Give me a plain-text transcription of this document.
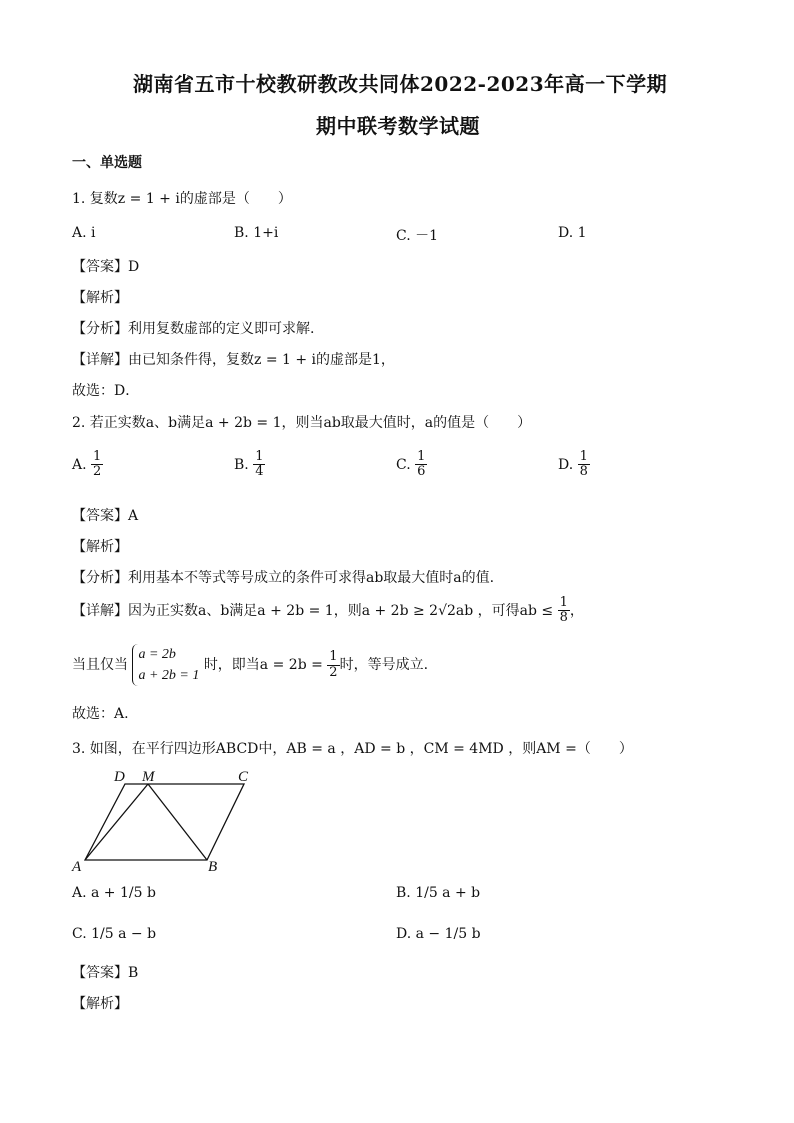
湖南省五市十校教研教改共同体2022-2023年高一下学期
期中联考数学试题
一、单选题
1. 复数z = 1 + i的虚部是（　　）
A. i	B. 1+i	C. －1	D. 1
【答案】D
【解析】
【分析】利用复数虚部的定义即可求解.
【详解】由已知条件得，复数z = 1 + i的虚部是1，
故选：D．
2. 若正实数a、b满足a + 2b = 1，则当ab取最大值时，a的值是（　　）
A. $\frac{1}{2}$	B. $\frac{1}{4}$	C. $\frac{1}{6}$	D. $\frac{1}{8}$
【答案】A
【解析】
【分析】利用基本不等式等号成立的条件可求得ab取最大值时a的值.
【详解】因为正实数a、b满足a + 2b = 1，则a + 2b ≥ 2√2ab ，可得ab ≤ $\frac{1}{8}$ ，
当且仅当
a = 2b
a + 2b = 1
时，即当$a = 2b = \frac{1}{2}$ 时，等号成立.
故选：A.
3. 如图，在平行四边形ABCD中，AB = a ，AD = b ，CM = 4MD ，则AM =（　　）
D M	C
A	B
A. a + 1/5 b	B. 1/5 a + b
C. 1/5 a − b	D. a − 1/5 b
【答案】B
【解析】
